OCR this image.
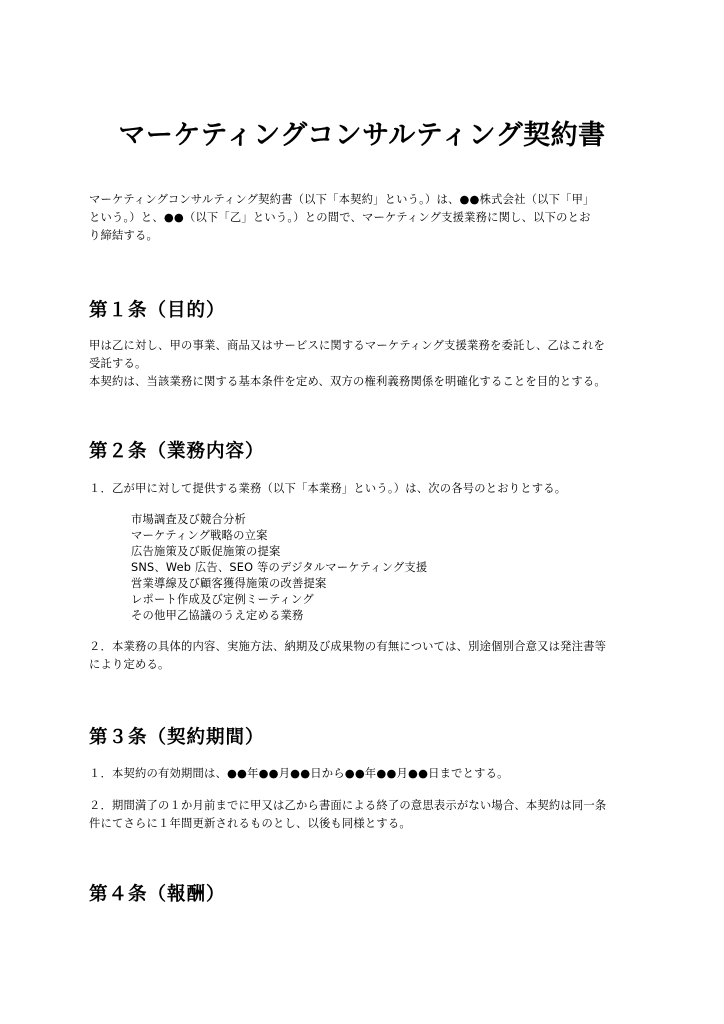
マーケティングコンサルティング契約書

マーケティングコンサルティング契約書（以下「本契約」という。）は、●●株式会社（以下「甲」
という。）と、●●（以下「乙」という。）との間で、マーケティング支援業務に関し、以下のとお
り締結する。

第１条（目的）

甲は乙に対し、甲の事業、商品又はサービスに関するマーケティング支援業務を委託し、乙はこれを
受託する。
本契約は、当該業務に関する基本条件を定め、双方の権利義務関係を明確化することを目的とする。

第２条（業務内容）

１．乙が甲に対して提供する業務（以下「本業務」という。）は、次の各号のとおりとする。

市場調査及び競合分析
マーケティング戦略の立案
広告施策及び販促施策の提案
SNS、Web 広告、SEO 等のデジタルマーケティング支援
営業導線及び顧客獲得施策の改善提案
レポート作成及び定例ミーティング
その他甲乙協議のうえ定める業務

２．本業務の具体的内容、実施方法、納期及び成果物の有無については、別途個別合意又は発注書等
により定める。

第３条（契約期間）

１．本契約の有効期間は、●●年●●月●●日から●●年●●月●●日までとする。

２．期間満了の１か月前までに甲又は乙から書面による終了の意思表示がない場合、本契約は同一条
件にてさらに１年間更新されるものとし、以後も同様とする。

第４条（報酬）
